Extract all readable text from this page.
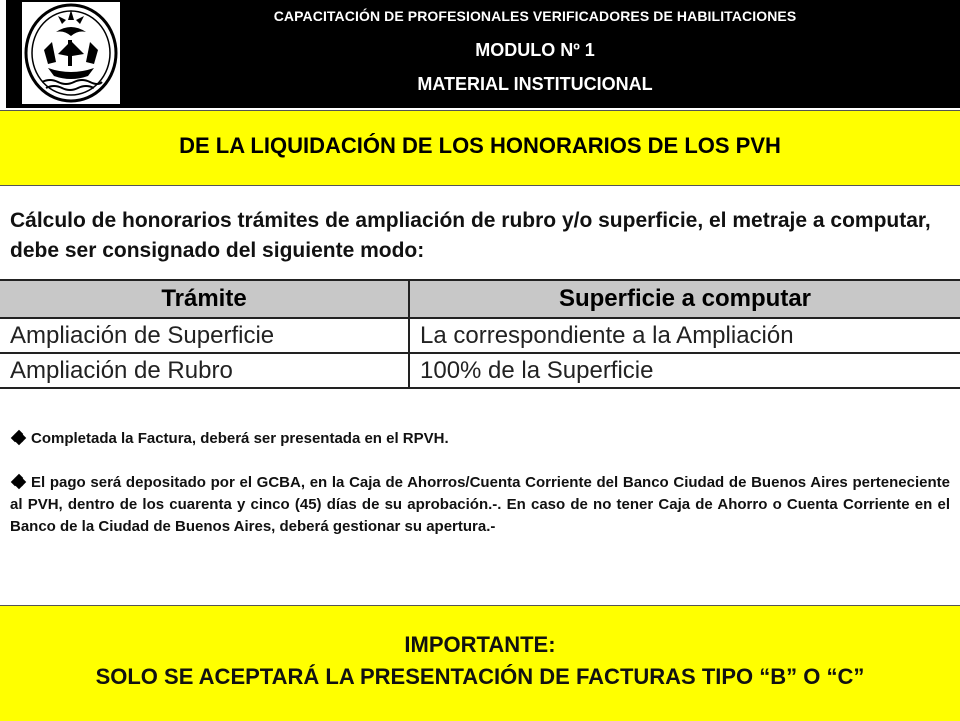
CAPACITACIÓN DE PROFESIONALES VERIFICADORES DE HABILITACIONES
MODULO Nº 1
MATERIAL INSTITUCIONAL
DE LA LIQUIDACIÓN DE LOS HONORARIOS DE LOS PVH
Cálculo de honorarios trámites de ampliación de rubro y/o superficie, el metraje a computar, debe ser consignado del siguiente modo:
Trámite	Superficie a computar
Ampliación de Superficie	La correspondiente a la Ampliación
Ampliación de Rubro	100% de la Superficie

Completada la Factura, deberá ser presentada en el RPVH.

El pago será depositado por el GCBA, en la Caja de Ahorros/Cuenta Corriente del Banco Ciudad de Buenos Aires perteneciente al PVH, dentro de los cuarenta y cinco (45) días de su aprobación.-. En caso de no tener Caja de Ahorro o Cuenta Corriente en el Banco de la Ciudad de Buenos Aires, deberá gestionar su apertura.-

IMPORTANTE:
SOLO SE ACEPTARÁ LA PRESENTACIÓN DE FACTURAS TIPO “B” O “C”
